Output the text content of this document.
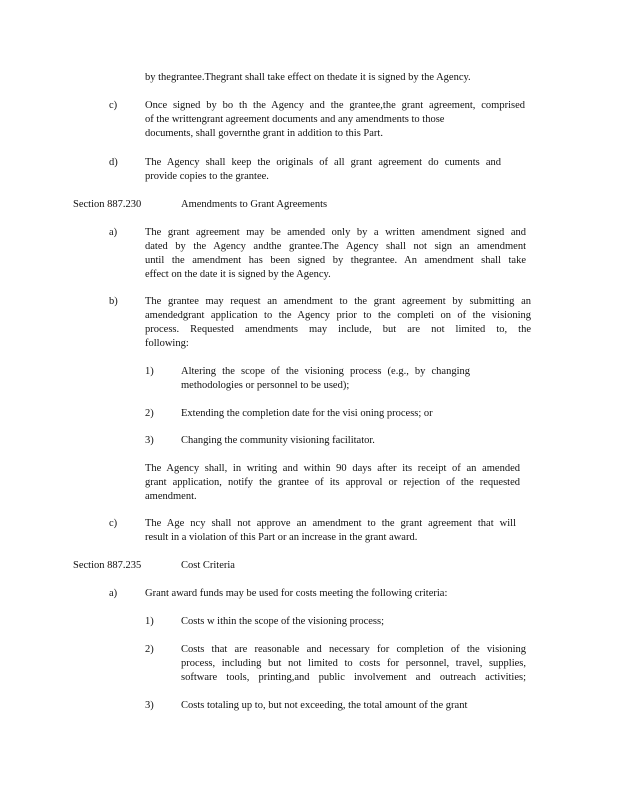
by thegrantee.Thegrant shall take effect on thedate it is signed by the Agency.
c)	Once signed by bo th the Agency and the grantee,the grant agreement, comprised
of the writtengrant agreement documents and any amendments to those
documents, shall governthe grant in addition to this Part.
d)	The Agency shall keep the originals of all grant agreement do cuments and
provide copies to the grantee.
Section 887.230	Amendments to Grant Agreements
a)	The grant agreement may be amended only by a written amendment signed and
dated by the Agency andthe grantee.The Agency shall not sign an amendment
until the amendment has been signed by thegrantee. An amendment shall take
effect on the date it is signed by the Agency.
b)	The grantee may request an amendment to the grant agreement by submitting an
amendedgrant application to the Agency prior to the completi on of the visioning
process. Requested amendments may include, but are not limited to, the
following:
1)	Altering the scope of the visioning process (e.g., by changing
methodologies or personnel to be used);
2)	Extending the completion date for the visi oning process; or
3)	Changing the community visioning facilitator.
The Agency shall, in writing and within 90 days after its receipt of an amended
grant application, notify the grantee of its approval or rejection of the requested
amendment.
c)	The Age ncy shall not approve an amendment to the grant agreement that will
result in a violation of this Part or an increase in the grant award.
Section 887.235	Cost Criteria
a)	Grant award funds may be used for costs meeting the following criteria:
1)	Costs w ithin the scope of the visioning process;
2)	Costs that are reasonable and necessary for completion of the visioning
process, including but not limited to costs for personnel, travel, supplies,
software tools, printing,and public involvement and outreach activities;
3)	Costs totaling up to, but not exceeding, the total amount of the grant
